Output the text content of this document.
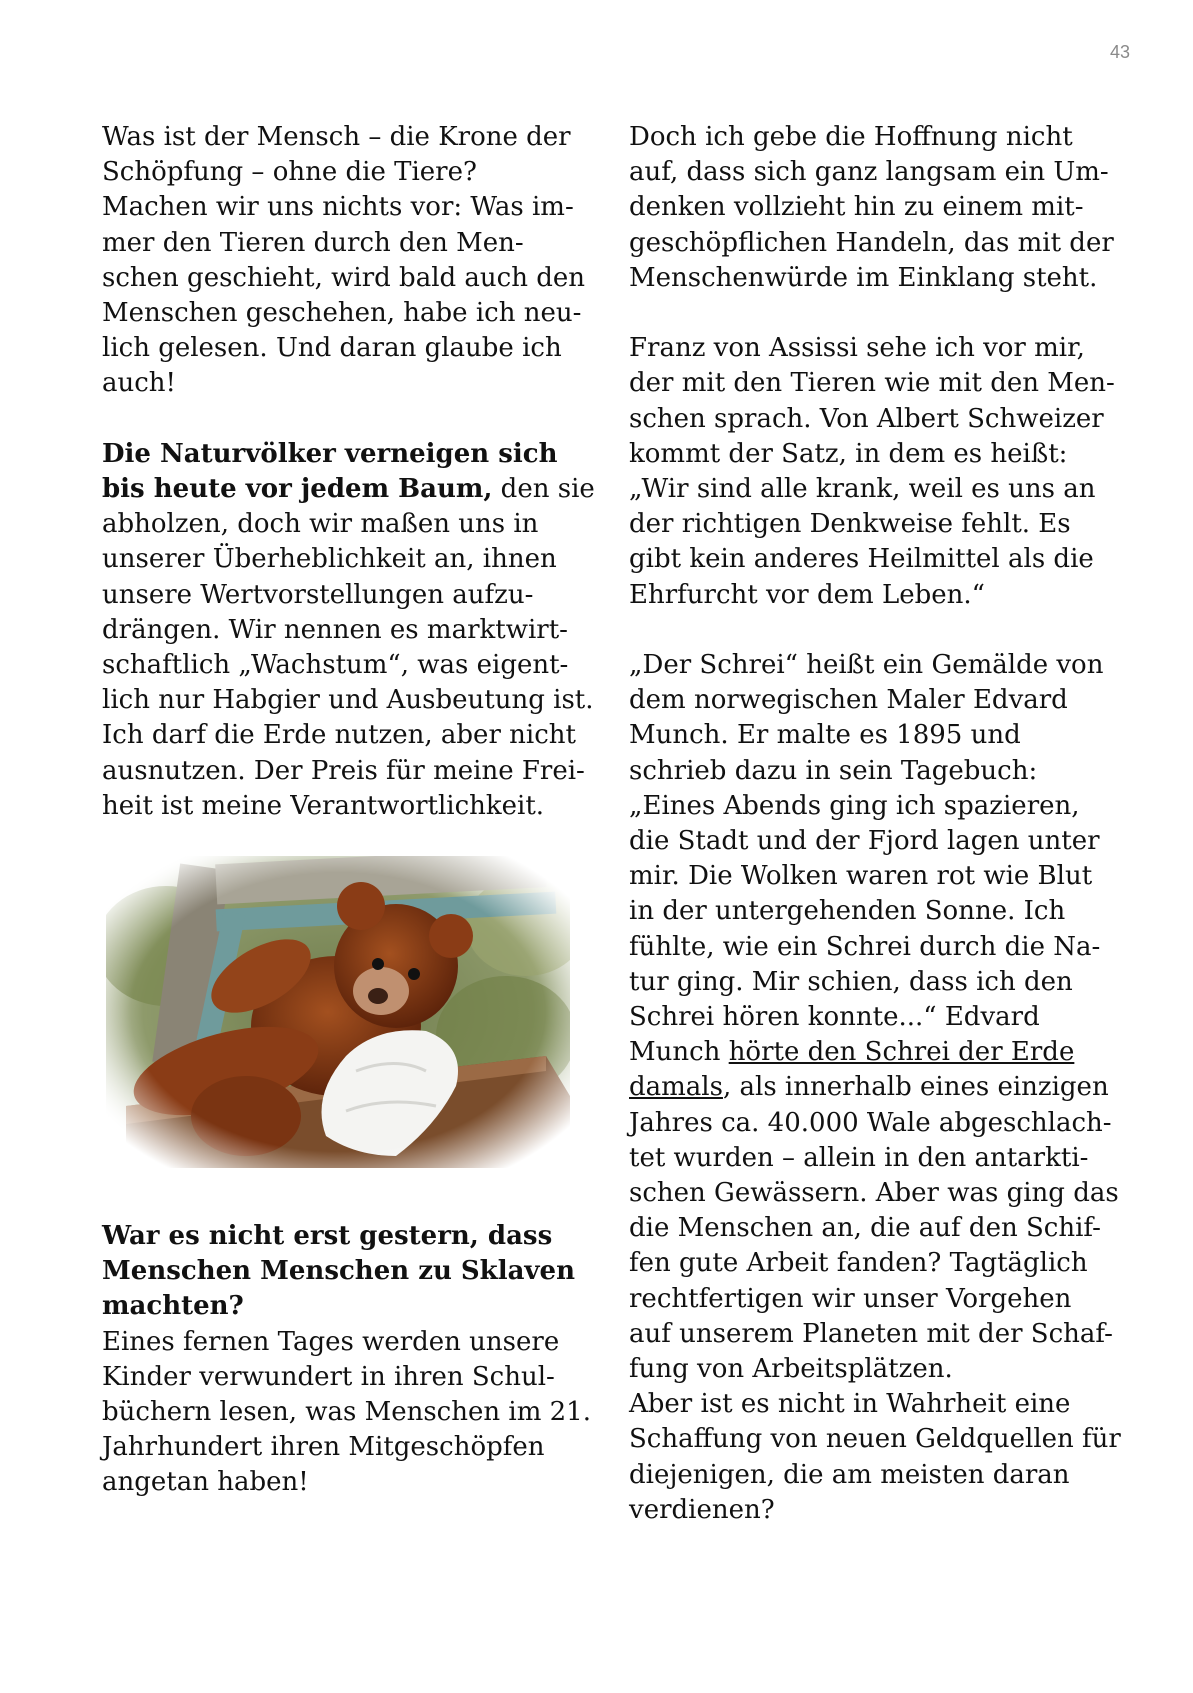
43
Was ist der Mensch – die Krone der
Schöpfung – ohne die Tiere?
Machen wir uns nichts vor: Was im-
mer den Tieren durch den Men-
schen geschieht, wird bald auch den
Menschen geschehen, habe ich neu-
lich gelesen. Und daran glaube ich
auch!
Die Naturvölker verneigen sich
bis heute vor jedem Baum, den sie
abholzen, doch wir maßen uns in
unserer Überheblichkeit an, ihnen
unsere Wertvorstellungen aufzu-
drängen. Wir nennen es marktwirt-
schaftlich „Wachstum“, was eigent-
lich nur Habgier und Ausbeutung ist.
Ich darf die Erde nutzen, aber nicht
ausnutzen. Der Preis für meine Frei-
heit ist meine Verantwortlichkeit.
War es nicht erst gestern, dass
Menschen Menschen zu Sklaven
machten?
Eines fernen Tages werden unsere
Kinder verwundert in ihren Schul-
büchern lesen, was Menschen im 21.
Jahrhundert ihren Mitgeschöpfen
angetan haben!
Doch ich gebe die Hoffnung nicht
auf, dass sich ganz langsam ein Um-
denken vollzieht hin zu einem mit-
geschöpflichen Handeln, das mit der
Menschenwürde im Einklang steht.
Franz von Assissi sehe ich vor mir,
der mit den Tieren wie mit den Men-
schen sprach. Von Albert Schweizer
kommt der Satz, in dem es heißt:
„Wir sind alle krank, weil es uns an
der richtigen Denkweise fehlt. Es
gibt kein anderes Heilmittel als die
Ehrfurcht vor dem Leben.“
„Der Schrei“ heißt ein Gemälde von
dem norwegischen Maler Edvard
Munch. Er malte es 1895 und
schrieb dazu in sein Tagebuch:
„Eines Abends ging ich spazieren,
die Stadt und der Fjord lagen unter
mir. Die Wolken waren rot wie Blut
in der untergehenden Sonne. Ich
fühlte, wie ein Schrei durch die Na-
tur ging. Mir schien, dass ich den
Schrei hören konnte...“ Edvard
Munch hörte den Schrei der Erde
damals, als innerhalb eines einzigen
Jahres ca. 40.000 Wale abgeschlach-
tet wurden – allein in den antarkti-
schen Gewässern. Aber was ging das
die Menschen an, die auf den Schif-
fen gute Arbeit fanden? Tagtäglich
rechtfertigen wir unser Vorgehen
auf unserem Planeten mit der Schaf-
fung von Arbeitsplätzen.
Aber ist es nicht in Wahrheit eine
Schaffung von neuen Geldquellen für
diejenigen, die am meisten daran
verdienen?
